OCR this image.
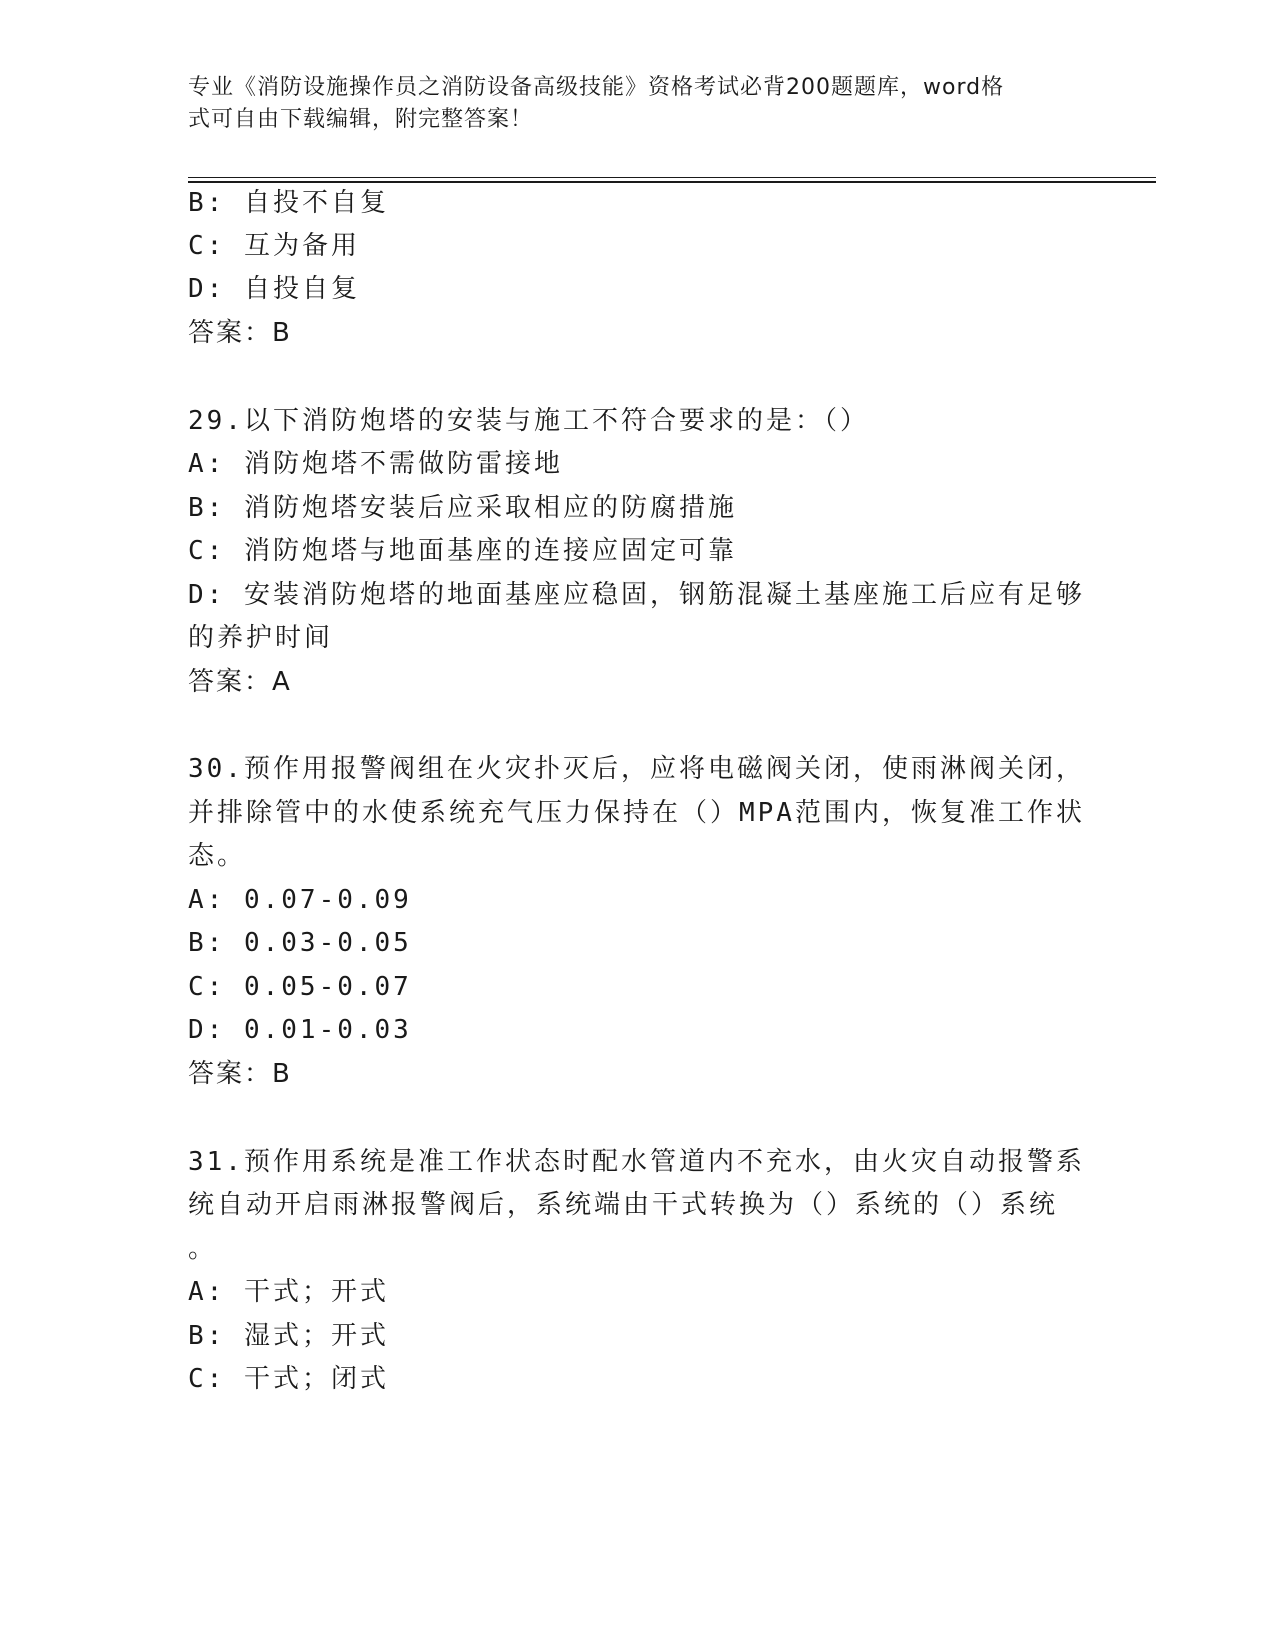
专业《消防设施操作员之消防设备高级技能》资格考试必背200题题库，word格
式可自由下载编辑，附完整答案！
B: 自投不自复
C: 互为备用
D: 自投自复
答案：B
29.以下消防炮塔的安装与施工不符合要求的是：（）
A: 消防炮塔不需做防雷接地
B: 消防炮塔安装后应采取相应的防腐措施
C: 消防炮塔与地面基座的连接应固定可靠
D: 安装消防炮塔的地面基座应稳固，钢筋混凝土基座施工后应有足够
的养护时间
答案：A
30.预作用报警阀组在火灾扑灭后，应将电磁阀关闭，使雨淋阀关闭，
并排除管中的水使系统充气压力保持在（）MPA范围内，恢复准工作状
态。
A: 0.07-0.09
B: 0.03-0.05
C: 0.05-0.07
D: 0.01-0.03
答案：B
31.预作用系统是准工作状态时配水管道内不充水，由火灾自动报警系
统自动开启雨淋报警阀后，系统端由干式转换为（）系统的（）系统
。
A: 干式；开式
B: 湿式；开式
C: 干式；闭式
